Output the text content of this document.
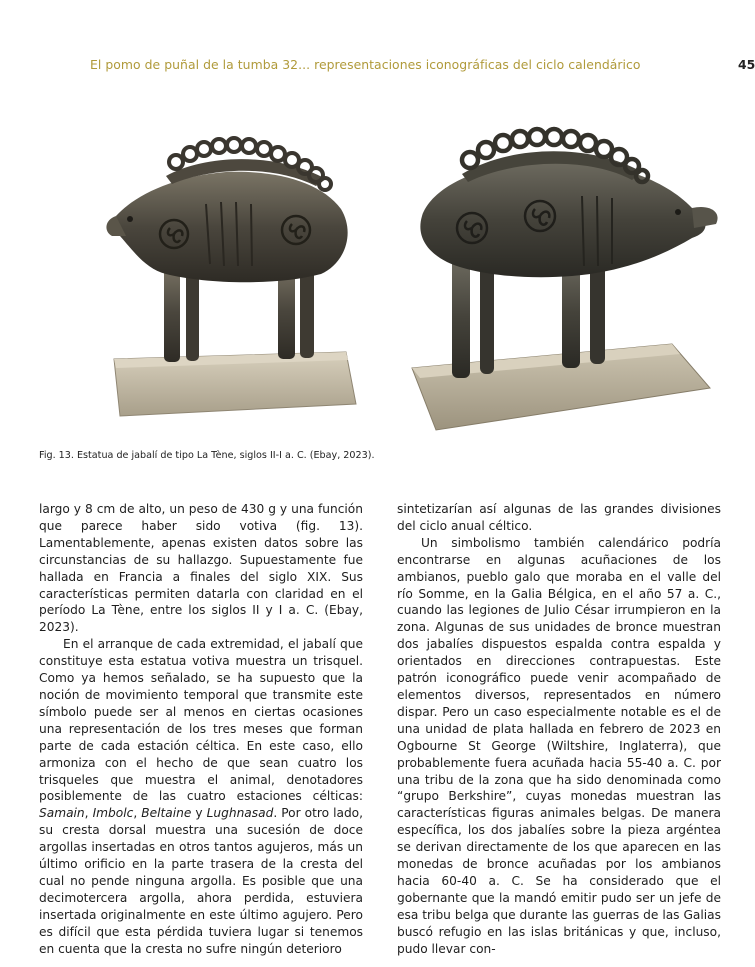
El pomo de puñal de la tumba 32... representaciones iconográficas del ciclo calendárico	45
Fig. 13. Estatua de jabalí de tipo La Tène, siglos II-I a. C. (Ebay, 2023).

largo y 8 cm de alto, un peso de 430 g y una función que parece haber sido votiva (fig. 13). Lamentablemente, apenas existen datos sobre las circunstancias de su hallazgo. Supuestamente fue hallada en Francia a finales del siglo XIX. Sus características permiten datarla con claridad en el período La Tène, entre los siglos II y I a. C. (Ebay, 2023).

En el arranque de cada extremidad, el jabalí que constituye esta estatua votiva muestra un trisquel. Como ya hemos señalado, se ha supuesto que la noción de movimiento temporal que transmite este símbolo puede ser al menos en ciertas ocasiones una representación de los tres meses que forman parte de cada estación céltica. En este caso, ello armoniza con el hecho de que sean cuatro los trisqueles que muestra el animal, denotadores posiblemente de las cuatro estaciones célticas: Samain, Imbolc, Beltaine y Lughnasad. Por otro lado, su cresta dorsal muestra una sucesión de doce argollas insertadas en otros tantos agujeros, más un último orificio en la parte trasera de la cresta del cual no pende ninguna argolla. Es posible que una decimotercera argolla, ahora perdida, estuviera insertada originalmente en este último agujero. Pero es difícil que esta pérdida tuviera lugar si tenemos en cuenta que la cresta no sufre ningún deterioro

sintetizarían así algunas de las grandes divisiones del ciclo anual céltico.

Un simbolismo también calendárico podría encontrarse en algunas acuñaciones de los ambianos, pueblo galo que moraba en el valle del río Somme, en la Galia Bélgica, en el año 57 a. C., cuando las legiones de Julio César irrumpieron en la zona. Algunas de sus unidades de bronce muestran dos jabalíes dispuestos espalda contra espalda y orientados en direcciones contrapuestas. Este patrón iconográfico puede venir acompañado de elementos diversos, representados en número dispar. Pero un caso especialmente notable es el de una unidad de plata hallada en febrero de 2023 en Ogbourne St George (Wiltshire, Inglaterra), que probablemente fuera acuñada hacia 55-40 a. C. por una tribu de la zona que ha sido denominada como “grupo Berkshire”, cuyas monedas muestran las características figuras animales belgas. De manera específica, los dos jabalíes sobre la pieza argéntea se derivan directamente de los que aparecen en las monedas de bronce acuñadas por los ambianos hacia 60-40 a. C. Se ha considerado que el gobernante que la mandó emitir pudo ser un jefe de esa tribu belga que durante las guerras de las Galias buscó refugio en las islas británicas y que, incluso, pudo llevar con-
